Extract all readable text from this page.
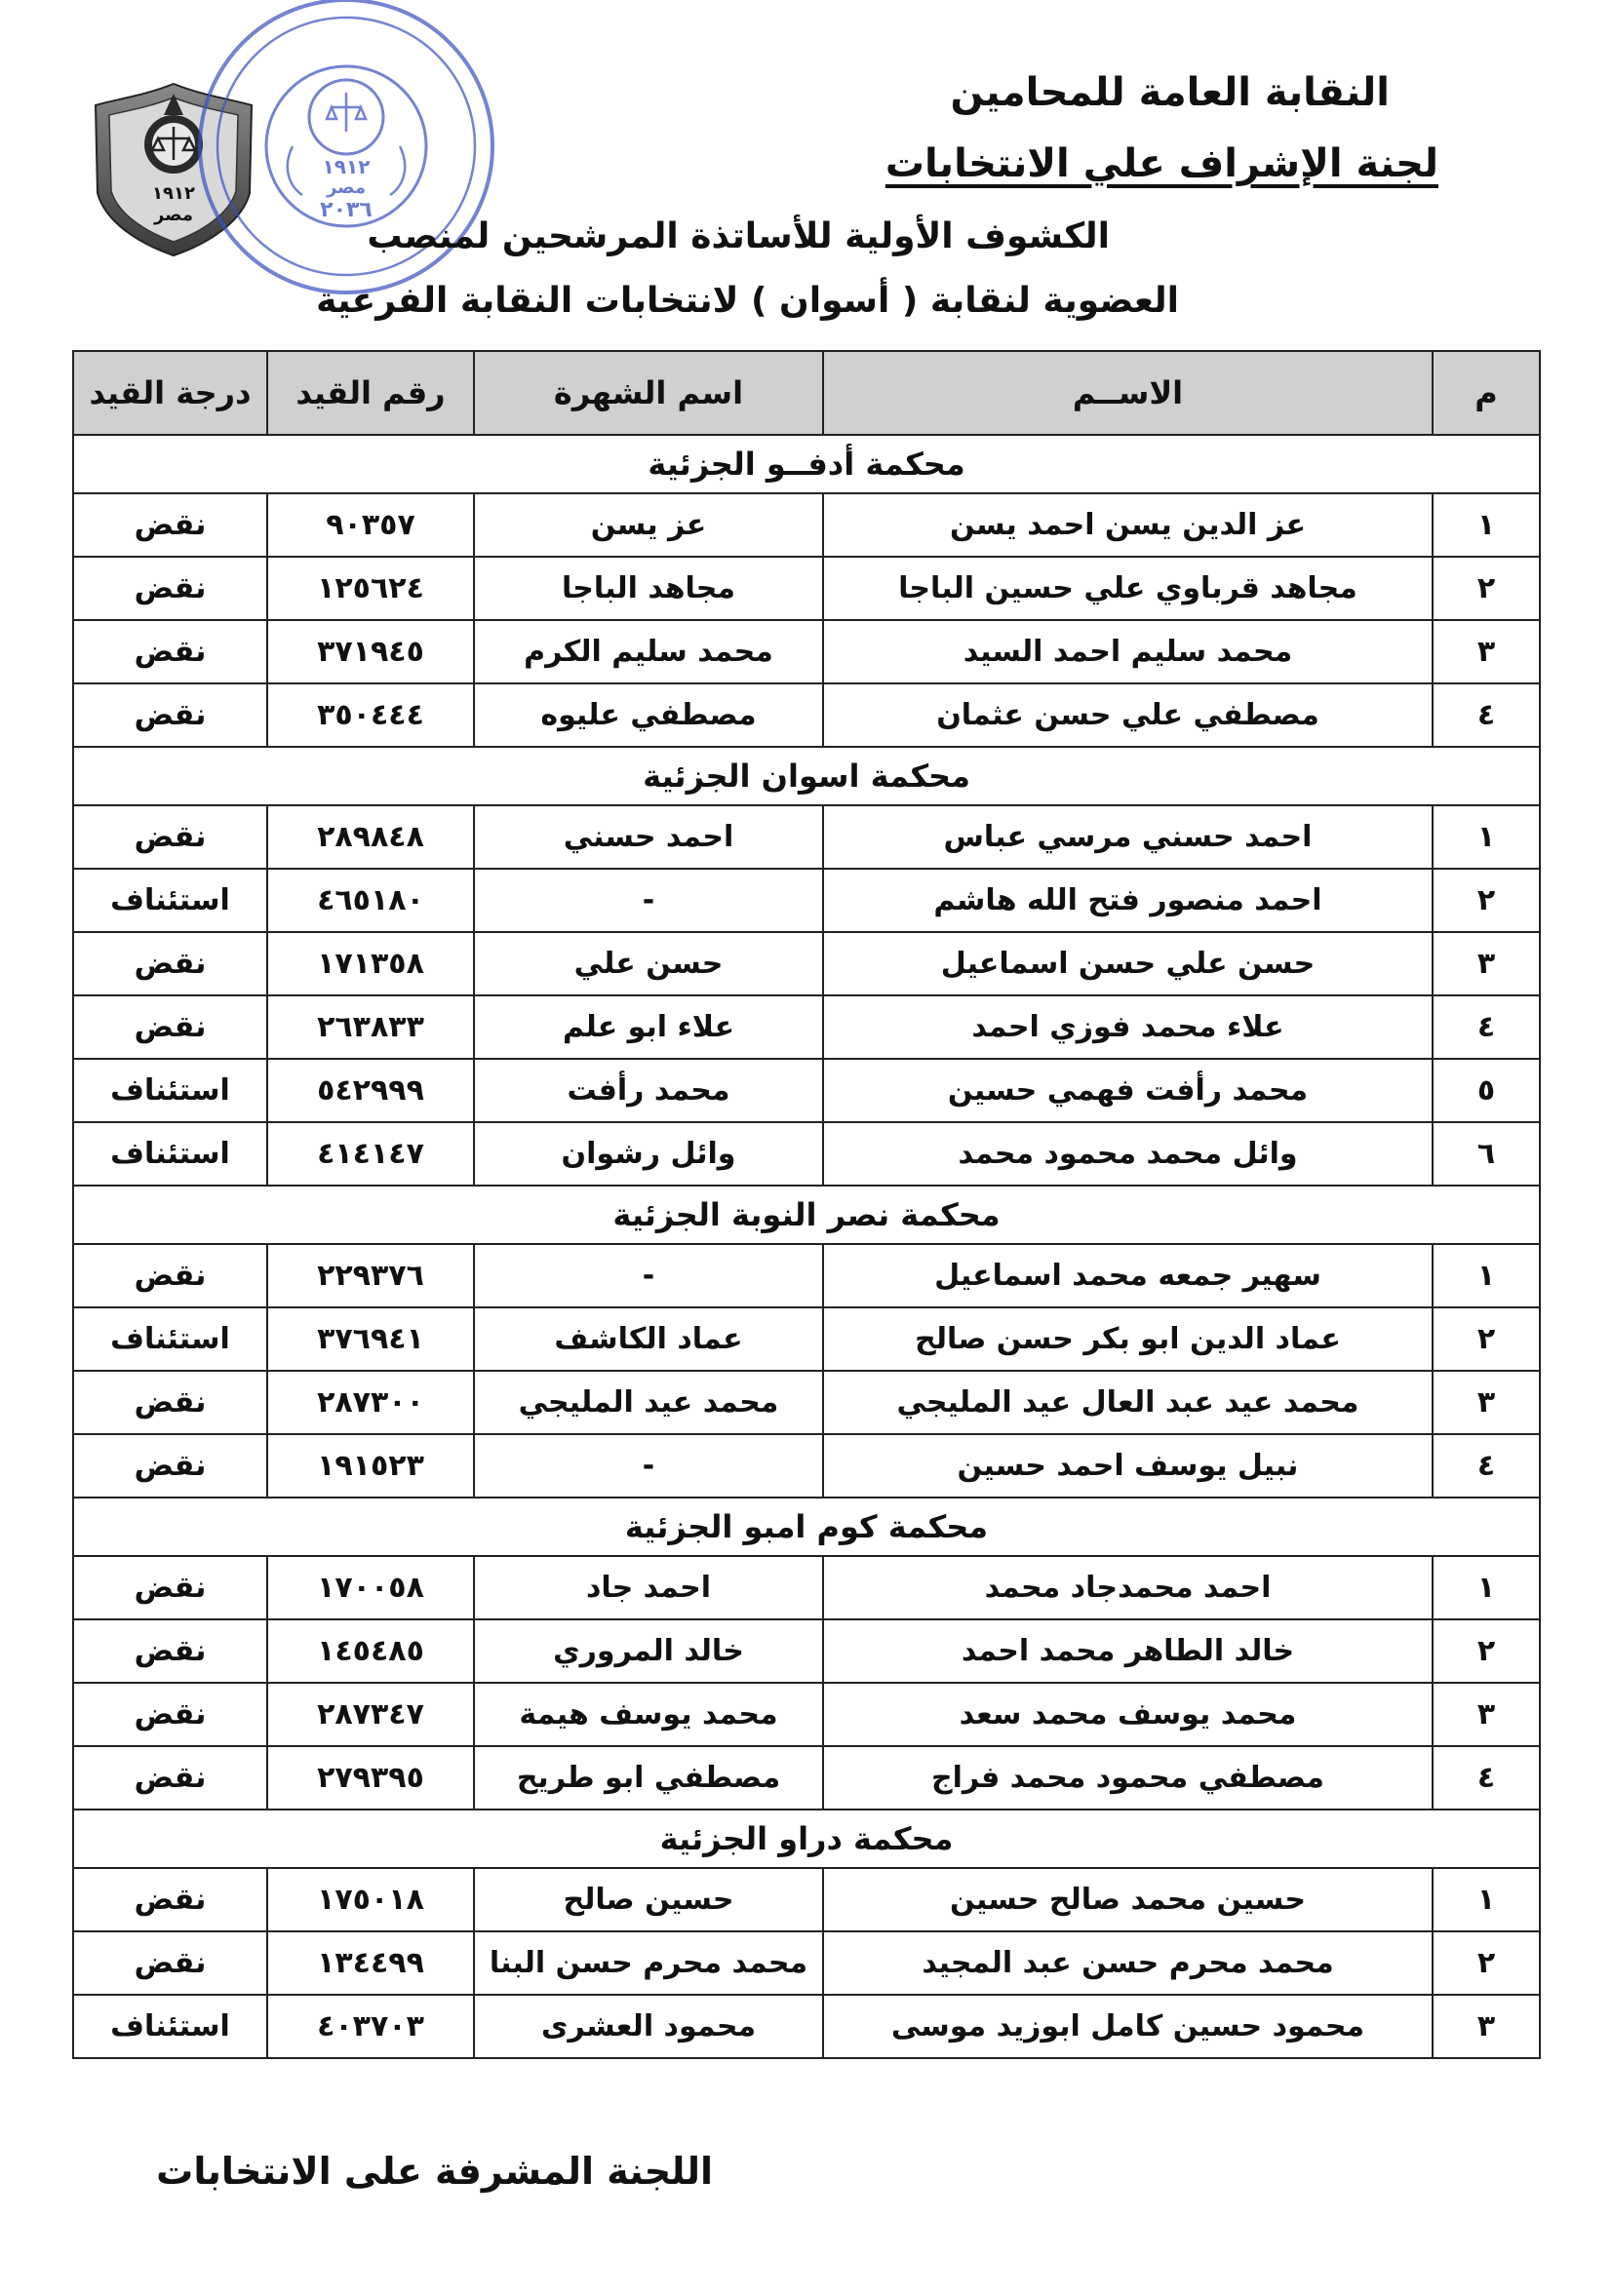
١٩١٢
مصر
١٩١٢
مصر
٢٠٣٦
النقابة العامة للمحامين
لجنة الإشراف علي الانتخابات
الكشوف الأولية للأساتذة المرشحين لمنصب
العضوية لنقابة ( أسوان ) لانتخابات النقابة الفرعية
م	الاســم	اسم الشهرة	رقم القيد	درجة القيد
محكمة أدفــو الجزئية				
١	عز الدين يسن احمد يسن	عز يسن	٩٠٣٥٧	نقض
٢	مجاهد قرباوي علي حسين الباجا	مجاهد الباجا	١٢٥٦٢٤	نقض
٣	محمد سليم احمد السيد	محمد سليم الكرم	٣٧١٩٤٥	نقض
٤	مصطفي علي حسن عثمان	مصطفي عليوه	٣٥٠٤٤٤	نقض
محكمة اسوان الجزئية				
١	احمد حسني مرسي عباس	احمد حسني	٢٨٩٨٤٨	نقض
٢	احمد منصور فتح الله هاشم	-	٤٦٥١٨٠	استئناف
٣	حسن علي حسن اسماعيل	حسن علي	١٧١٣٥٨	نقض
٤	علاء محمد فوزي احمد	علاء ابو علم	٢٦٣٨٣٣	نقض
٥	محمد رأفت فهمي حسين	محمد رأفت	٥٤٢٩٩٩	استئناف
٦	وائل محمد محمود محمد	وائل رشوان	٤١٤١٤٧	استئناف
محكمة نصر النوبة الجزئية				
١	سهير جمعه محمد اسماعيل	-	٢٢٩٣٧٦	نقض
٢	عماد الدين ابو بكر حسن صالح	عماد الكاشف	٣٧٦٩٤١	استئناف
٣	محمد عيد عبد العال عيد المليجي	محمد عيد المليجي	٢٨٧٣٠٠	نقض
٤	نبيل يوسف احمد حسين	-	١٩١٥٢٣	نقض
محكمة كوم امبو الجزئية				
١	احمد محمدجاد محمد	احمد جاد	١٧٠٠٥٨	نقض
٢	خالد الطاهر محمد احمد	خالد المروري	١٤٥٤٨٥	نقض
٣	محمد يوسف محمد سعد	محمد يوسف هيمة	٢٨٧٣٤٧	نقض
٤	مصطفي محمود محمد فراج	مصطفي ابو طريح	٢٧٩٣٩٥	نقض
محكمة دراو الجزئية				
١	حسين محمد صالح حسين	حسين صالح	١٧٥٠١٨	نقض
٢	محمد محرم حسن عبد المجيد	محمد محرم حسن البنا	١٣٤٤٩٩	نقض
٣	محمود حسين كامل ابوزيد موسى	محمود العشرى	٤٠٣٧٠٣	استئناف
اللجنة المشرفة على الانتخابات
